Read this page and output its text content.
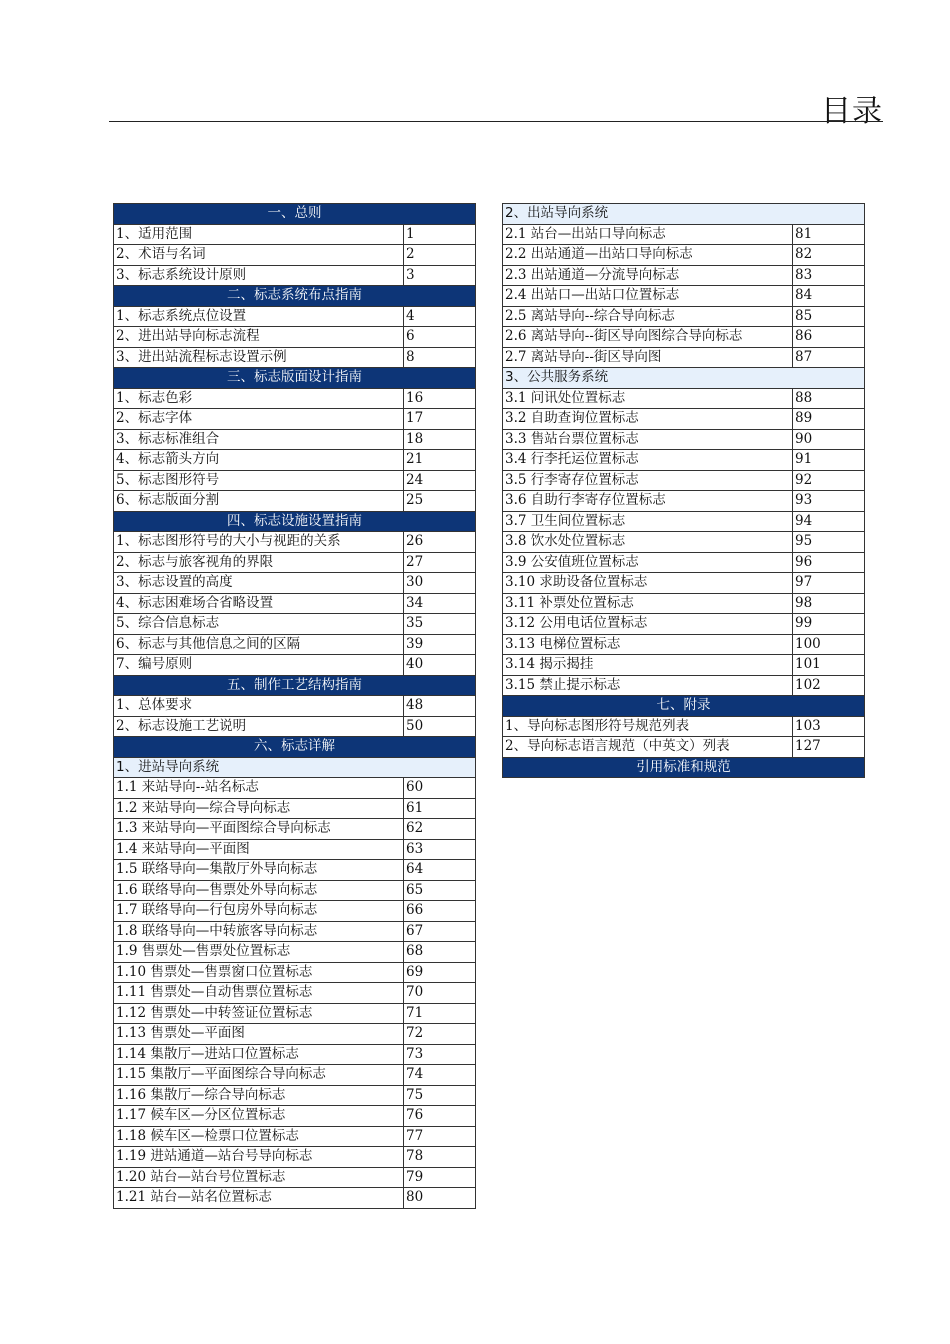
目录
一、总则	
1、适用范围	1
2、术语与名词	2
3、标志系统设计原则	3
二、标志系统布点指南	
1、标志系统点位设置	4
2、进出站导向标志流程	6
3、进出站流程标志设置示例	8
三、标志版面设计指南	
1、标志色彩	16
2、标志字体	17
3、标志标准组合	18
4、标志箭头方向	21
5、标志图形符号	24
6、标志版面分割	25
四、标志设施设置指南	
1、标志图形符号的大小与视距的关系	26
2、标志与旅客视角的界限	27
3、标志设置的高度	30
4、标志困难场合省略设置	34
5、综合信息标志	35
6、标志与其他信息之间的区隔	39
7、编号原则	40
五、制作工艺结构指南	
1、总体要求	48
2、标志设施工艺说明	50
六、标志详解	
1、进站导向系统	
1.1 来站导向--站名标志	60
1.2 来站导向—综合导向标志	61
1.3 来站导向—平面图综合导向标志	62
1.4 来站导向—平面图	63
1.5 联络导向—集散厅外导向标志	64
1.6 联络导向—售票处外导向标志	65
1.7 联络导向—行包房外导向标志	66
1.8 联络导向—中转旅客导向标志	67
1.9 售票处—售票处位置标志	68
1.10 售票处—售票窗口位置标志	69
1.11 售票处—自动售票位置标志	70
1.12 售票处—中转签证位置标志	71
1.13 售票处—平面图	72
1.14 集散厅—进站口位置标志	73
1.15 集散厅—平面图综合导向标志	74
1.16 集散厅—综合导向标志	75
1.17 候车区—分区位置标志	76
1.18 候车区—检票口位置标志	77
1.19 进站通道—站台号导向标志	78
1.20 站台—站台号位置标志	79
1.21 站台—站名位置标志	80
2、出站导向系统	
2.1 站台—出站口导向标志	81
2.2 出站通道—出站口导向标志	82
2.3 出站通道—分流导向标志	83
2.4 出站口—出站口位置标志	84
2.5 离站导向--综合导向标志	85
2.6 离站导向--街区导向图综合导向标志	86
2.7 离站导向--街区导向图	87
3、公共服务系统	
3.1 问讯处位置标志	88
3.2 自助查询位置标志	89
3.3 售站台票位置标志	90
3.4 行李托运位置标志	91
3.5 行李寄存位置标志	92
3.6 自助行李寄存位置标志	93
3.7 卫生间位置标志	94
3.8 饮水处位置标志	95
3.9 公安值班位置标志	96
3.10 求助设备位置标志	97
3.11 补票处位置标志	98
3.12 公用电话位置标志	99
3.13 电梯位置标志	100
3.14 揭示揭挂	101
3.15 禁止提示标志	102
七、附录	
1、导向标志图形符号规范列表	103
2、导向标志语言规范（中英文）列表	127
引用标准和规范	
